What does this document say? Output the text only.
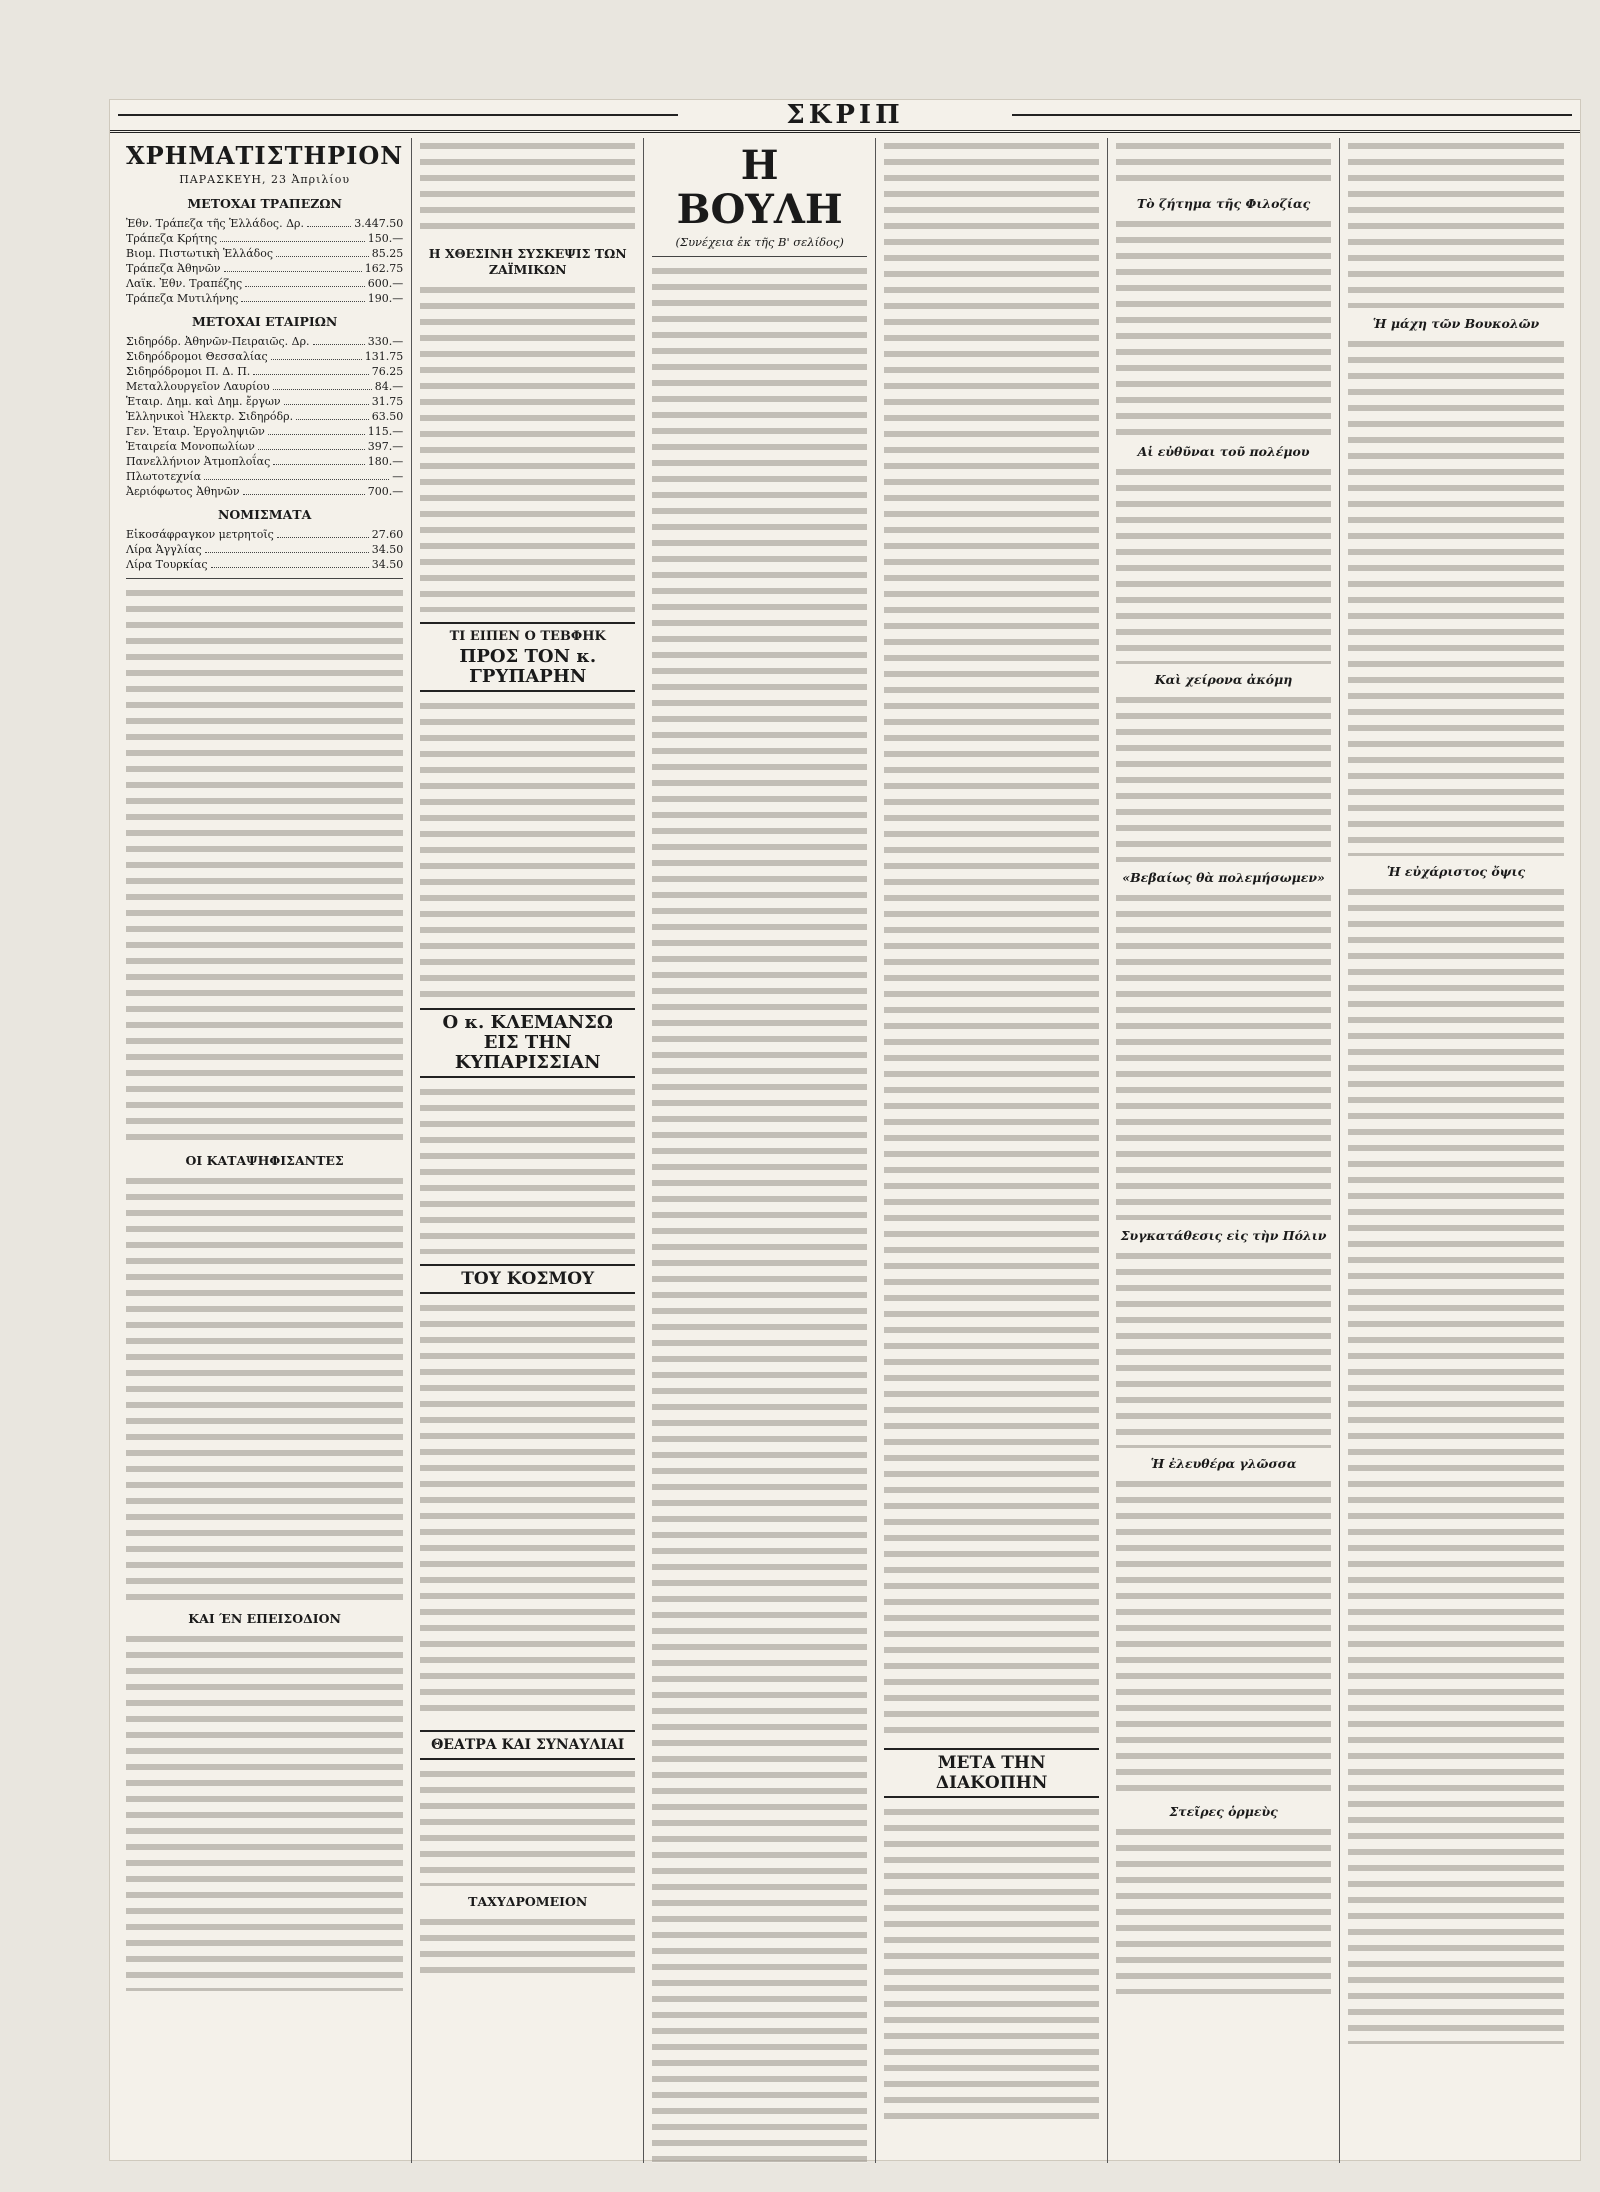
ΣΚΡΙΠ
ΧΡΗΜΑΤΙΣΤΗΡΙΟΝ
ΠΑΡΑΣΚΕΥΗ, 23 Ἀπριλίου
ΜΕΤΟΧΑΙ ΤΡΑΠΕΖΩΝ
Ἐθν. Τράπεζα τῆς Ἑλλάδος. Δρ.	3.447.50
Τράπεζα Κρήτης	150.—
Βιομ. Πιστωτικὴ Ἑλλάδος	85.25
Τράπεζα Ἀθηνῶν	162.75
Λαϊκ. Ἐθν. Τραπέζης	600.—
Τράπεζα Μυτιλήνης	190.—
ΜΕΤΟΧΑΙ ΕΤΑΙΡΙΩΝ
Σιδηρόδρ. Ἀθηνῶν-Πειραιῶς. Δρ.	330.—
Σιδηρόδρομοι Θεσσαλίας	131.75
Σιδηρόδρομοι Π. Δ. Π.	76.25
Μεταλλουργεῖον Λαυρίου	84.—
Ἑταιρ. Δημ. καὶ Δημ. ἔργων	31.75
Ἑλληνικοὶ Ἠλεκτρ. Σιδηρόδρ.	63.50
Γεν. Ἑταιρ. Ἐργοληψιῶν	115.—
Ἑταιρεία Μονοπωλίων	397.—
Πανελλήνιον Ἀτμοπλοΐας	180.—
Πλωτοτεχνία	—
Ἀεριόφωτος Ἀθηνῶν	700.—
ΝΟΜΙΣΜΑΤΑ
Εἰκοσάφραγκον μετρητοῖς	27.60
Λίρα Ἀγγλίας	34.50
Λίρα Τουρκίας	34.50
ΟΙ ΚΑΤΑΨΗΦΙΣΑΝΤΕΣ
ΚΑΙ ΈΝ ΕΠΕΙΣΟΔΙΟΝ
Η ΧΘΕΣΙΝΗ ΣΥΣΚΕΨΙΣ ΤΩΝ ΖΑΪΜΙΚΩΝ
ΤΙ ΕΙΠΕΝ Ο ΤΕΒΦΗΚ
ΠΡΟΣ ΤΟΝ κ. ΓΡΥΠΑΡΗΝ
Ο κ. ΚΛΕΜΑΝΣΩ
ΕΙΣ ΤΗΝ ΚΥΠΑΡΙΣΣΙΑΝ
ΤΟΥ ΚΟΣΜΟΥ
ΘΕΑΤΡΑ ΚΑΙ ΣΥΝΑΥΛΙΑΙ
ΤΑΧΥΔΡΟΜΕΙΟΝ
Η ΒΟΥΛΗ
(Συνέχεια ἐκ τῆς Β' σελίδος)
ΜΕΤΑ ΤΗΝ ΔΙΑΚΟΠΗΝ
Τὸ ζήτημα τῆς Φιλοζίας
Αἱ εὐθῦναι τοῦ πολέμου
Καὶ χείρονα ἀκόμη
«Βεβαίως θὰ πολεμήσωμεν»
Συγκατάθεσις εἰς τὴν Πόλιν
Ἡ ἐλευθέρα γλῶσσα
Στεῖρες ὁρμεὺς
Ἡ μάχη τῶν Βουκολῶν
Ἡ εὐχάριστος ὄψις
